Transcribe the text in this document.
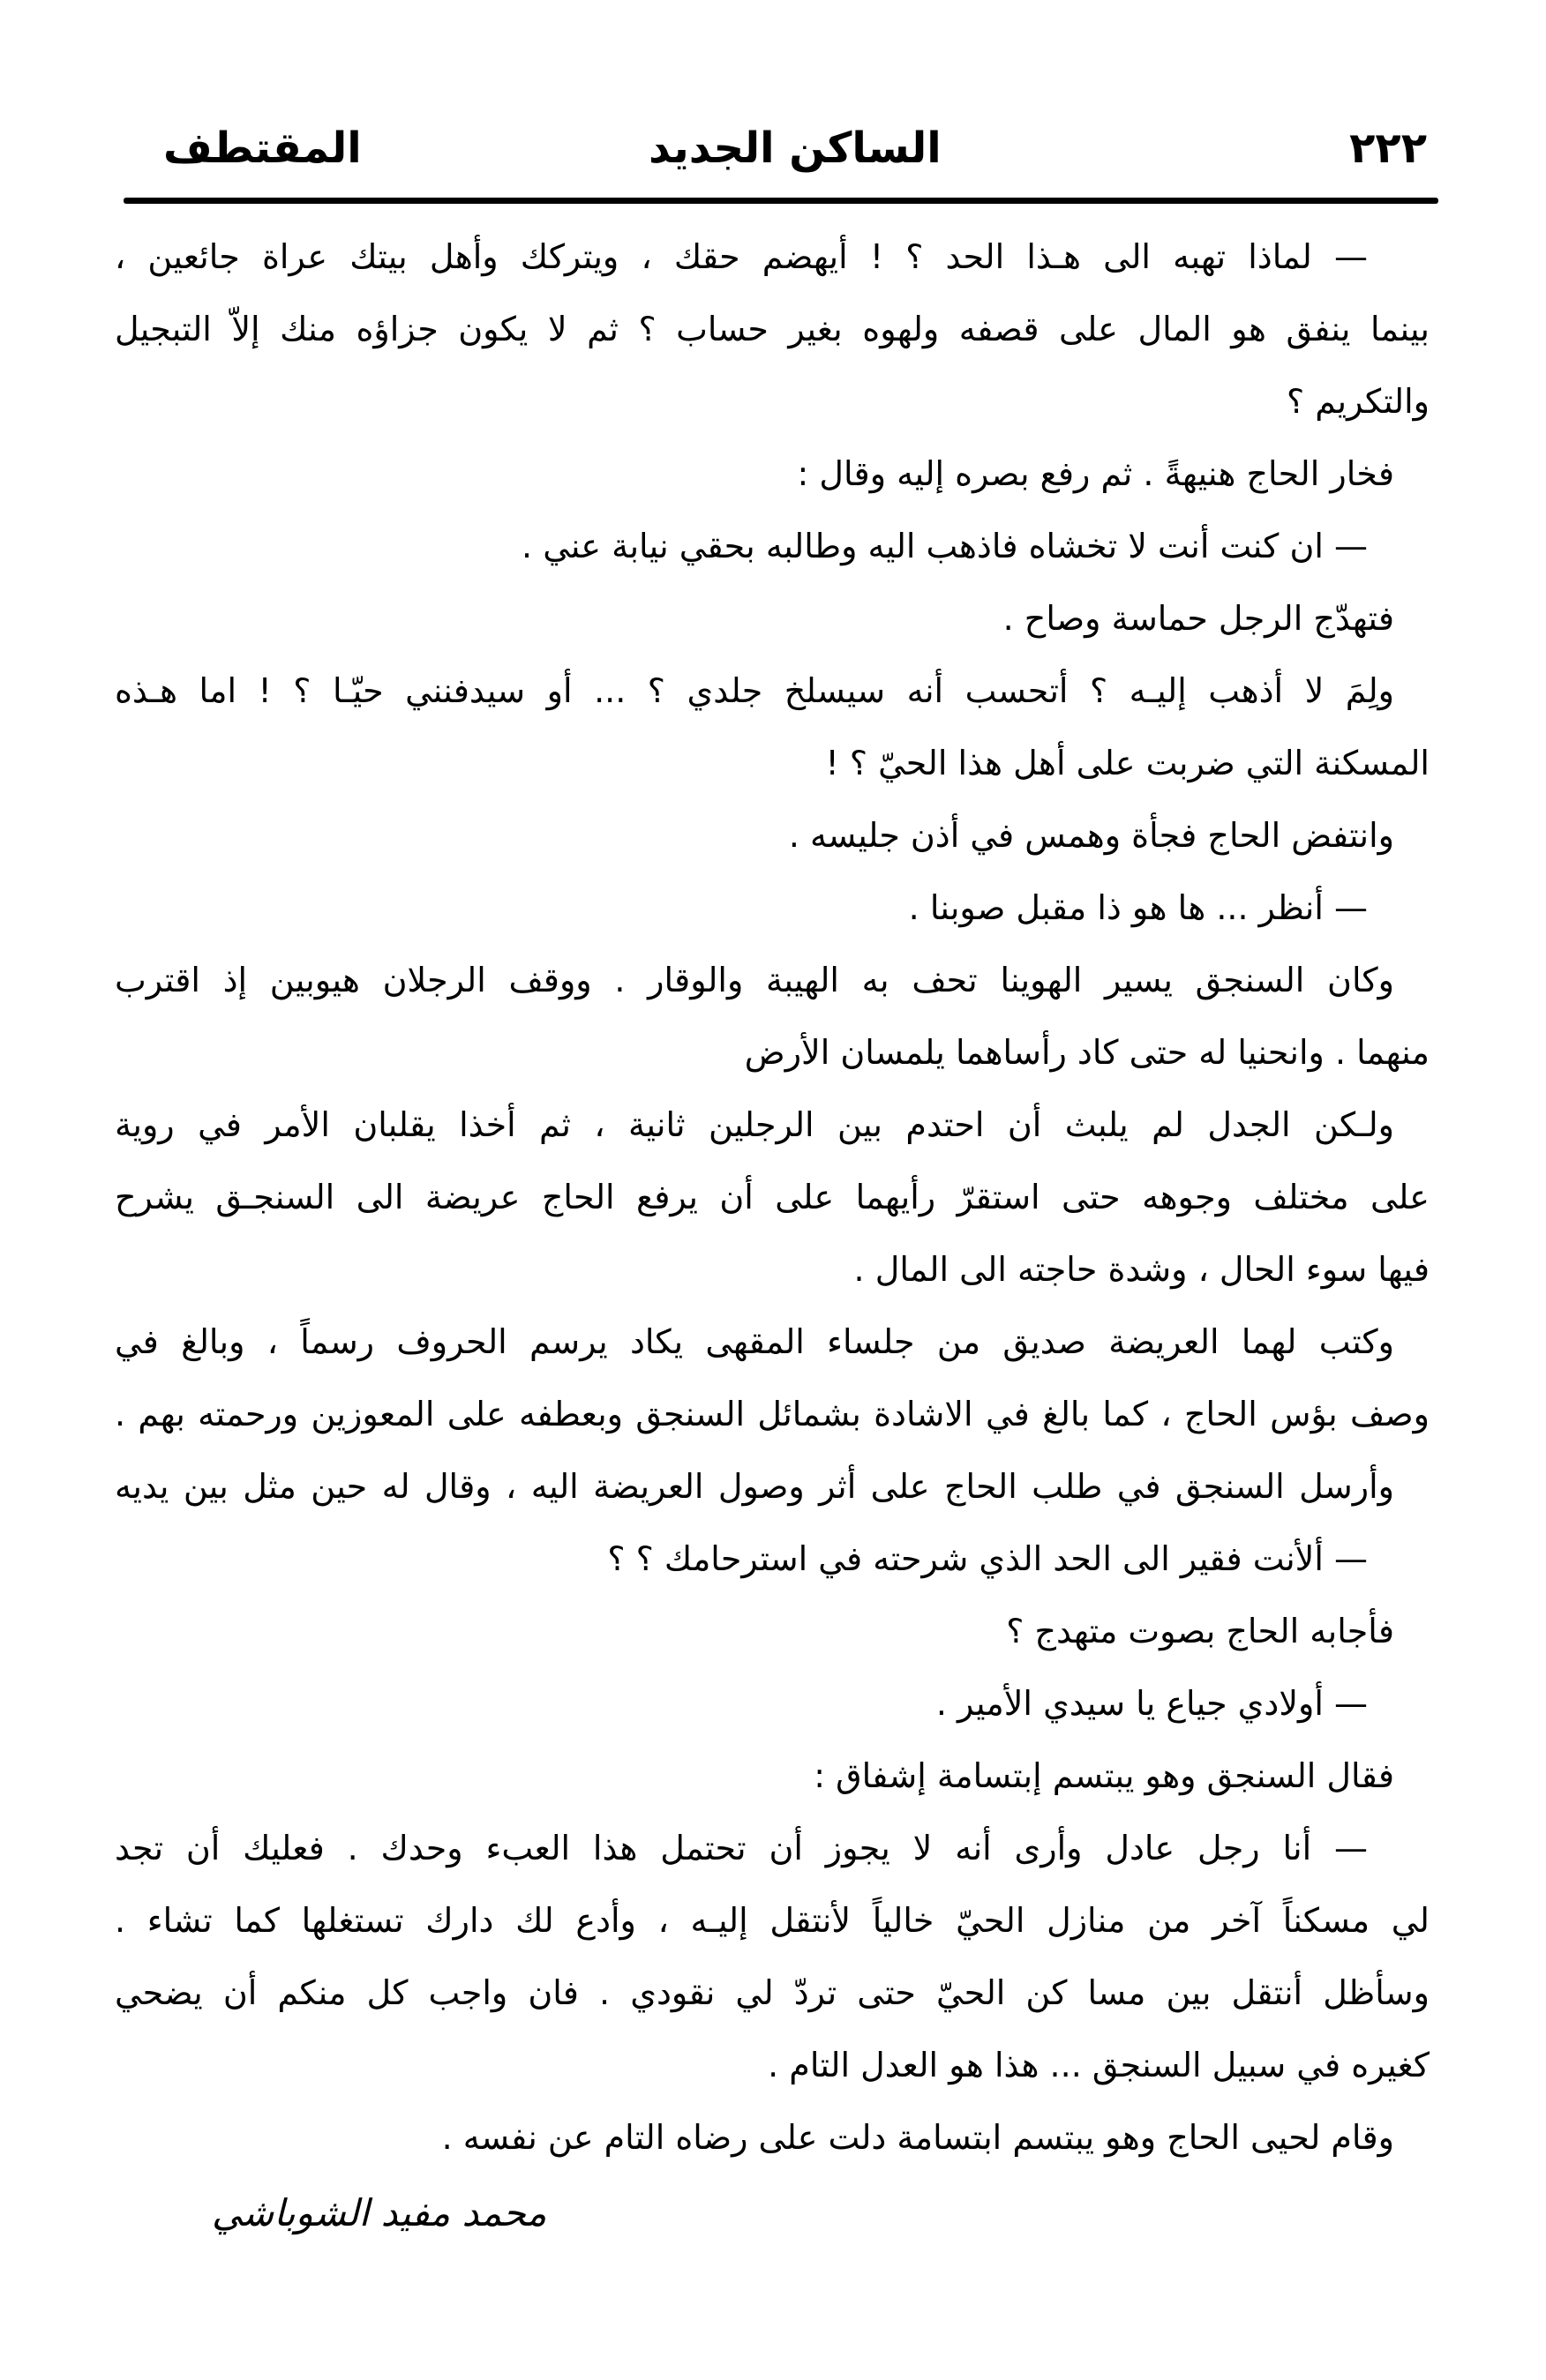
٢٢٢
الساكن الجديد
المقتطف
— لماذا تهبه الى هـذا الحد ؟ ! أيهضم حقك ، ويتركك وأهل بيتك عراة جائعين ،
بينما ينفق هو المال على قصفه ولهوه بغير حساب ؟ ثم لا يكون جزاؤه منك إلاّ التبجيل
والتكريم ؟
فخار الحاج هنيهةً . ثم رفع بصره إليه وقال :
— ان كنت أنت لا تخشاه فاذهب اليه وطالبه بحقي نيابة عني .
فتهدّج الرجل حماسة وصاح .
ولِمَ لا أذهب إليـه ؟ أتحسب أنه سيسلخ جلدي ؟ ... أو سيدفنني حيّـا ؟ ! اما هـذه
المسكنة التي ضربت على أهل هذا الحيّ ؟ !
وانتفض الحاج فجأة وهمس في أذن جليسه .
— أنظر ... ها هو ذا مقبل صوبنا .
وكان السنجق يسير الهوينا تحف به الهيبة والوقار . ووقف الرجلان هيوبين إذ اقترب
منهما . وانحنيا له حتى كاد رأساهما يلمسان الأرض
ولـكن الجدل لم يلبث أن احتدم بين الرجلين ثانية ، ثم أخذا يقلبان الأمر في روية
على مختلف وجوهه حتى استقرّ رأيهما على أن يرفع الحاج عريضة الى السنجـق يشرح
فيها سوء الحال ، وشدة حاجته الى المال .
وكتب لهما العريضة صديق من جلساء المقهى يكاد يرسم الحروف رسماً ، وبالغ في
وصف بؤس الحاج ، كما بالغ في الاشادة بشمائل السنجق وبعطفه على المعوزين ورحمته بهم .
وأرسل السنجق في طلب الحاج على أثر وصول العريضة اليه ، وقال له حين مثل بين يديه
— ألأنت فقير الى الحد الذي شرحته في استرحامك ؟ ؟
فأجابه الحاج بصوت متهدج ؟
— أولادي جياع يا سيدي الأمير .
فقال السنجق وهو يبتسم إبتسامة إشفاق :
— أنا رجل عادل وأرى أنه لا يجوز أن تحتمل هذا العبء وحدك . فعليك أن تجد
لي مسكناً آخر من منازل الحيّ خالياً لأنتقل إليـه ، وأدع لك دارك تستغلها كما تشاء .
وسأظل أنتقل بين مسا كن الحيّ حتى تردّ لي نقودي . فان واجب كل منكم أن يضحي
كغيره في سبيل السنجق ... هذا هو العدل التام .
وقام لحيى الحاج وهو يبتسم ابتسامة دلت على رضاه التام عن نفسه .
محمد مفيد الشوباشي
